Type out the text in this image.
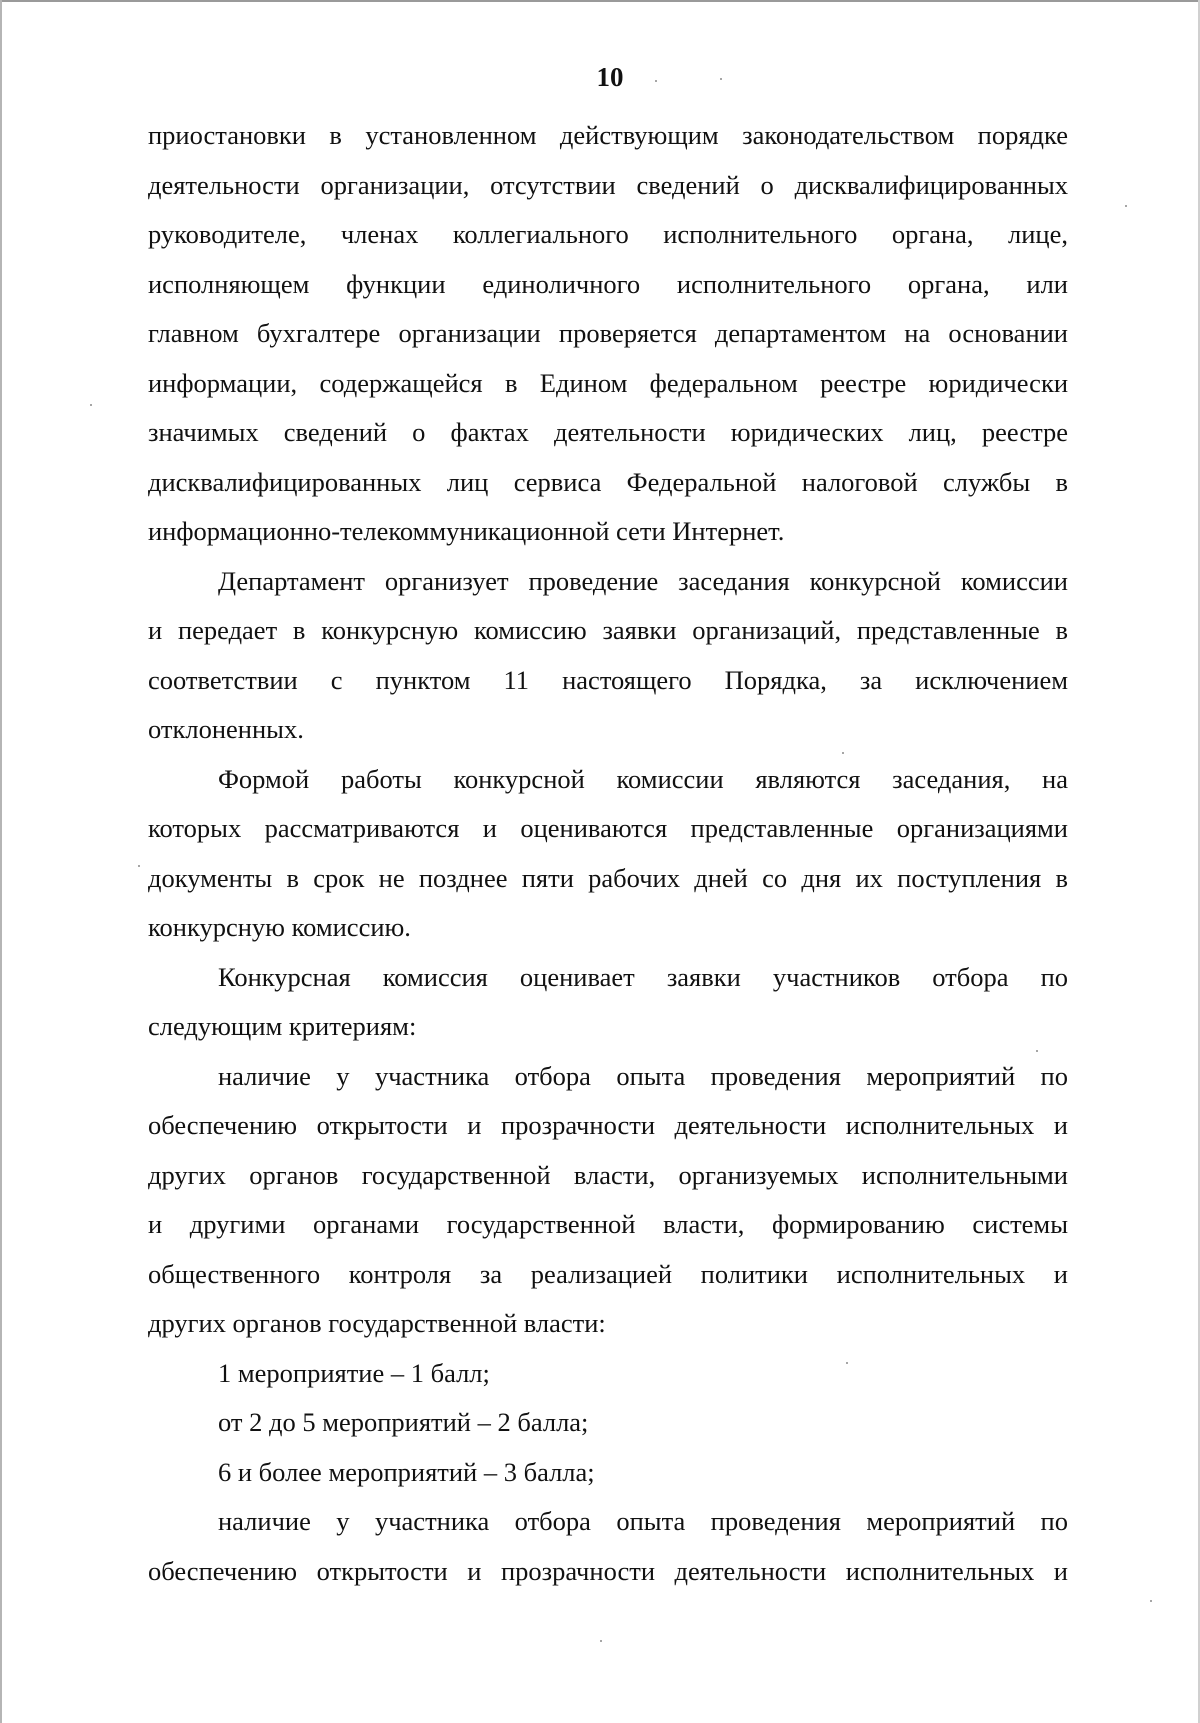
10
приостановки в установленном действующим законодательством порядке
деятельности организации, отсутствии сведений о дисквалифицированных
руководителе, членах коллегиального исполнительного органа, лице,
исполняющем функции единоличного исполнительного органа, или
главном бухгалтере организации проверяется департаментом на основании
информации, содержащейся в Едином федеральном реестре юридически
значимых сведений о фактах деятельности юридических лиц, реестре
дисквалифицированных лиц сервиса Федеральной налоговой службы в
информационно-телекоммуникационной сети Интернет.
Департамент организует проведение заседания конкурсной комиссии
и передает в конкурсную комиссию заявки организаций, представленные в
соответствии с пунктом 11 настоящего Порядка, за исключением
отклоненных.
Формой работы конкурсной комиссии являются заседания, на
которых рассматриваются и оцениваются представленные организациями
документы в срок не позднее пяти рабочих дней со дня их поступления в
конкурсную комиссию.
Конкурсная комиссия оценивает заявки участников отбора по
следующим критериям:
наличие у участника отбора опыта проведения мероприятий по
обеспечению открытости и прозрачности деятельности исполнительных и
других органов государственной власти, организуемых исполнительными
и другими органами государственной власти, формированию системы
общественного контроля за реализацией политики исполнительных и
других органов государственной власти:
1 мероприятие – 1 балл;
от 2 до 5 мероприятий – 2 балла;
6 и более мероприятий – 3 балла;
наличие у участника отбора опыта проведения мероприятий по
обеспечению открытости и прозрачности деятельности исполнительных и
